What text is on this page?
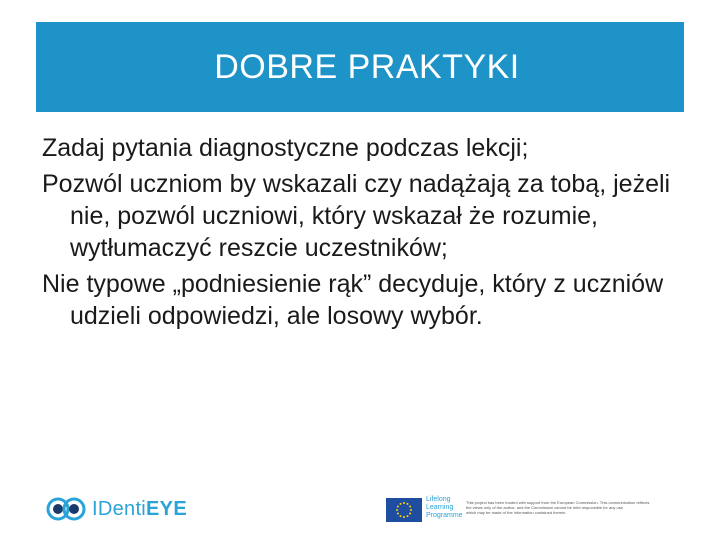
DOBRE PRAKTYKI

Zadaj pytania diagnostyczne podczas lekcji;

Pozwól uczniom by wskazali czy nadążają za tobą, jeżeli nie, pozwól uczniowi, który wskazał że rozumie, wytłumaczyć reszcie uczestników;

Nie typowe „podniesienie rąk” decyduje, który z uczniów udzieli odpowiedzi, ale losowy wybór.

IDentiEYE	Lifelong
Learning
Programme
This project has been funded with support from the European Commission. This communication reflects
the views only of the author, and the Commission cannot be held responsible for any use
which may be made of the information contained therein.
